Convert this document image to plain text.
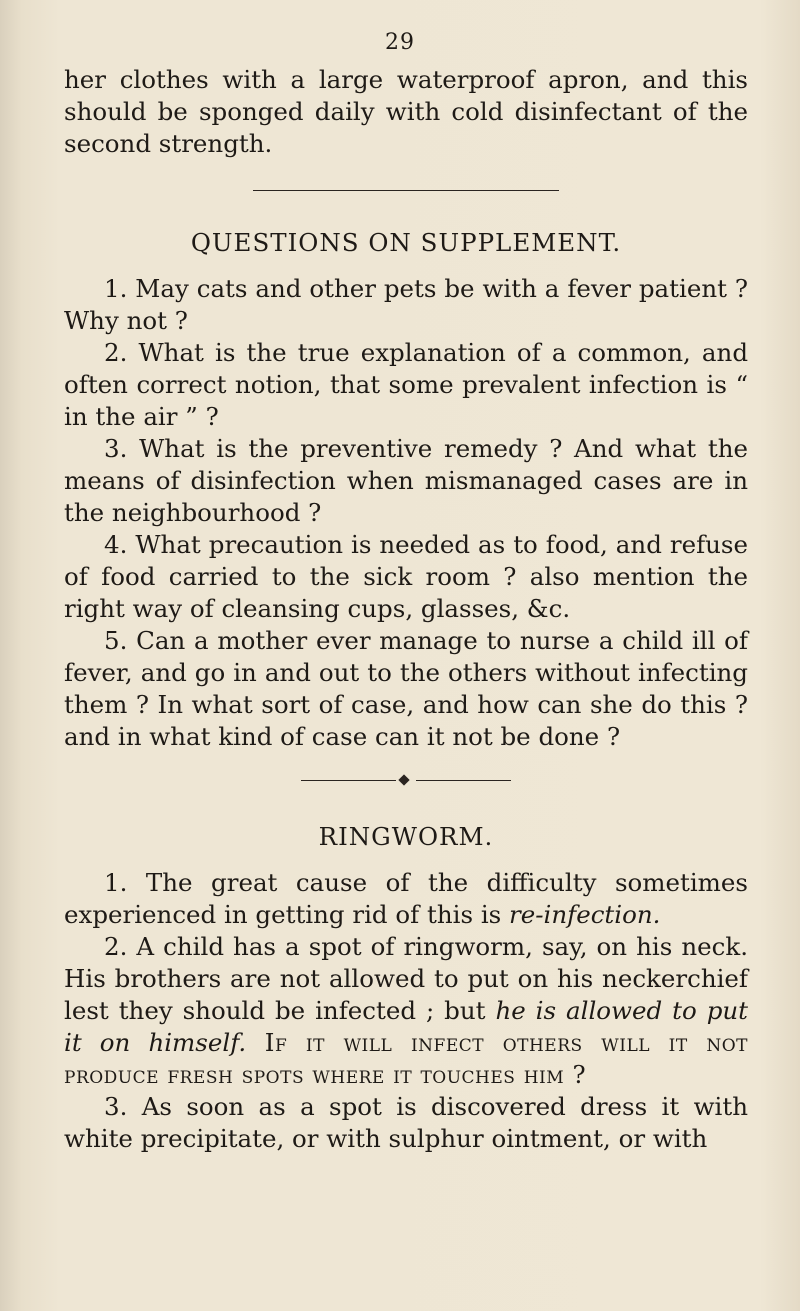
29

her clothes with a large waterproof apron, and this should be sponged daily with cold disinfectant of the second strength.

QUESTIONS ON SUPPLEMENT.

1. May cats and other pets be with a fever patient ? Why not ?

2. What is the true explanation of a common, and often correct notion, that some prevalent infection is “ in the air ” ?

3. What is the preventive remedy ? And what the means of disinfection when mismanaged cases are in the neighbourhood ?

4. What precaution is needed as to food, and refuse of food carried to the sick room ? also mention the right way of cleansing cups, glasses, &c.

5. Can a mother ever manage to nurse a child ill of fever, and go in and out to the others without infecting them ? In what sort of case, and how can she do this ? and in what kind of case can it not be done ?

RINGWORM.

1. The great cause of the difficulty sometimes experienced in getting rid of this is re-infection.

2. A child has a spot of ringworm, say, on his neck. His brothers are not allowed to put on his neckerchief lest they should be infected ; but he is allowed to put it on himself. If it will infect others will it not produce fresh spots where it touches him ?

3. As soon as a spot is discovered dress it with white precipitate, or with sulphur ointment, or with
